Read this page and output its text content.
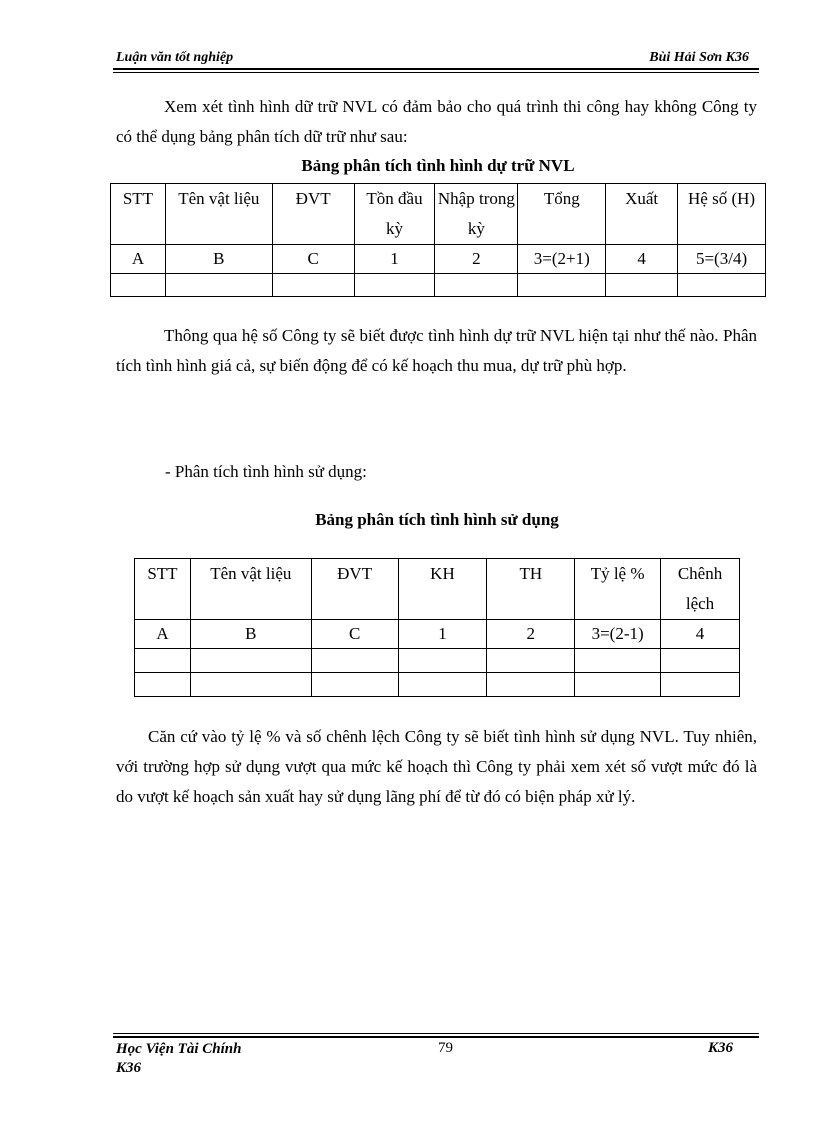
Luận văn tốt nghiệp	Bùi Hải Sơn K36

Xem xét tình hình dữ trữ NVL có đảm bảo cho quá trình thi công hay không Công ty có thể dụng bảng phân tích dữ trữ như sau:

Bảng phân tích tình hình dự trữ NVL
STT	Tên vật liệu	ĐVT	Tồn đầu kỳ	Nhập trong kỳ	Tổng	Xuất	Hệ số (H)
A	B	C	1	2	3=(2+1)	4	5=(3/4)

Thông qua hệ số Công ty sẽ biết được tình hình dự trữ NVL hiện tại như thế nào. Phân tích tình hình giá cả, sự biến động để có kế hoạch thu mua, dự trữ phù hợp.

- Phân tích tình hình sử dụng:
Bảng phân tích tình hình sử dụng
STT	Tên vật liệu	ĐVT	KH	TH	Tỷ lệ %	Chênh lệch
A	B	C	1	2	3=(2-1)	4

Căn cứ vào tỷ lệ % và số chênh lệch Công ty sẽ biết tình hình sử dụng NVL. Tuy nhiên, với trường hợp sử dụng vượt qua mức kế hoạch thì Công ty phải xem xét số vượt mức đó là do vượt kế hoạch sản xuất hay sử dụng lãng phí để từ đó có biện pháp xử lý.

Học Viện Tài Chính
K36
79	K36
